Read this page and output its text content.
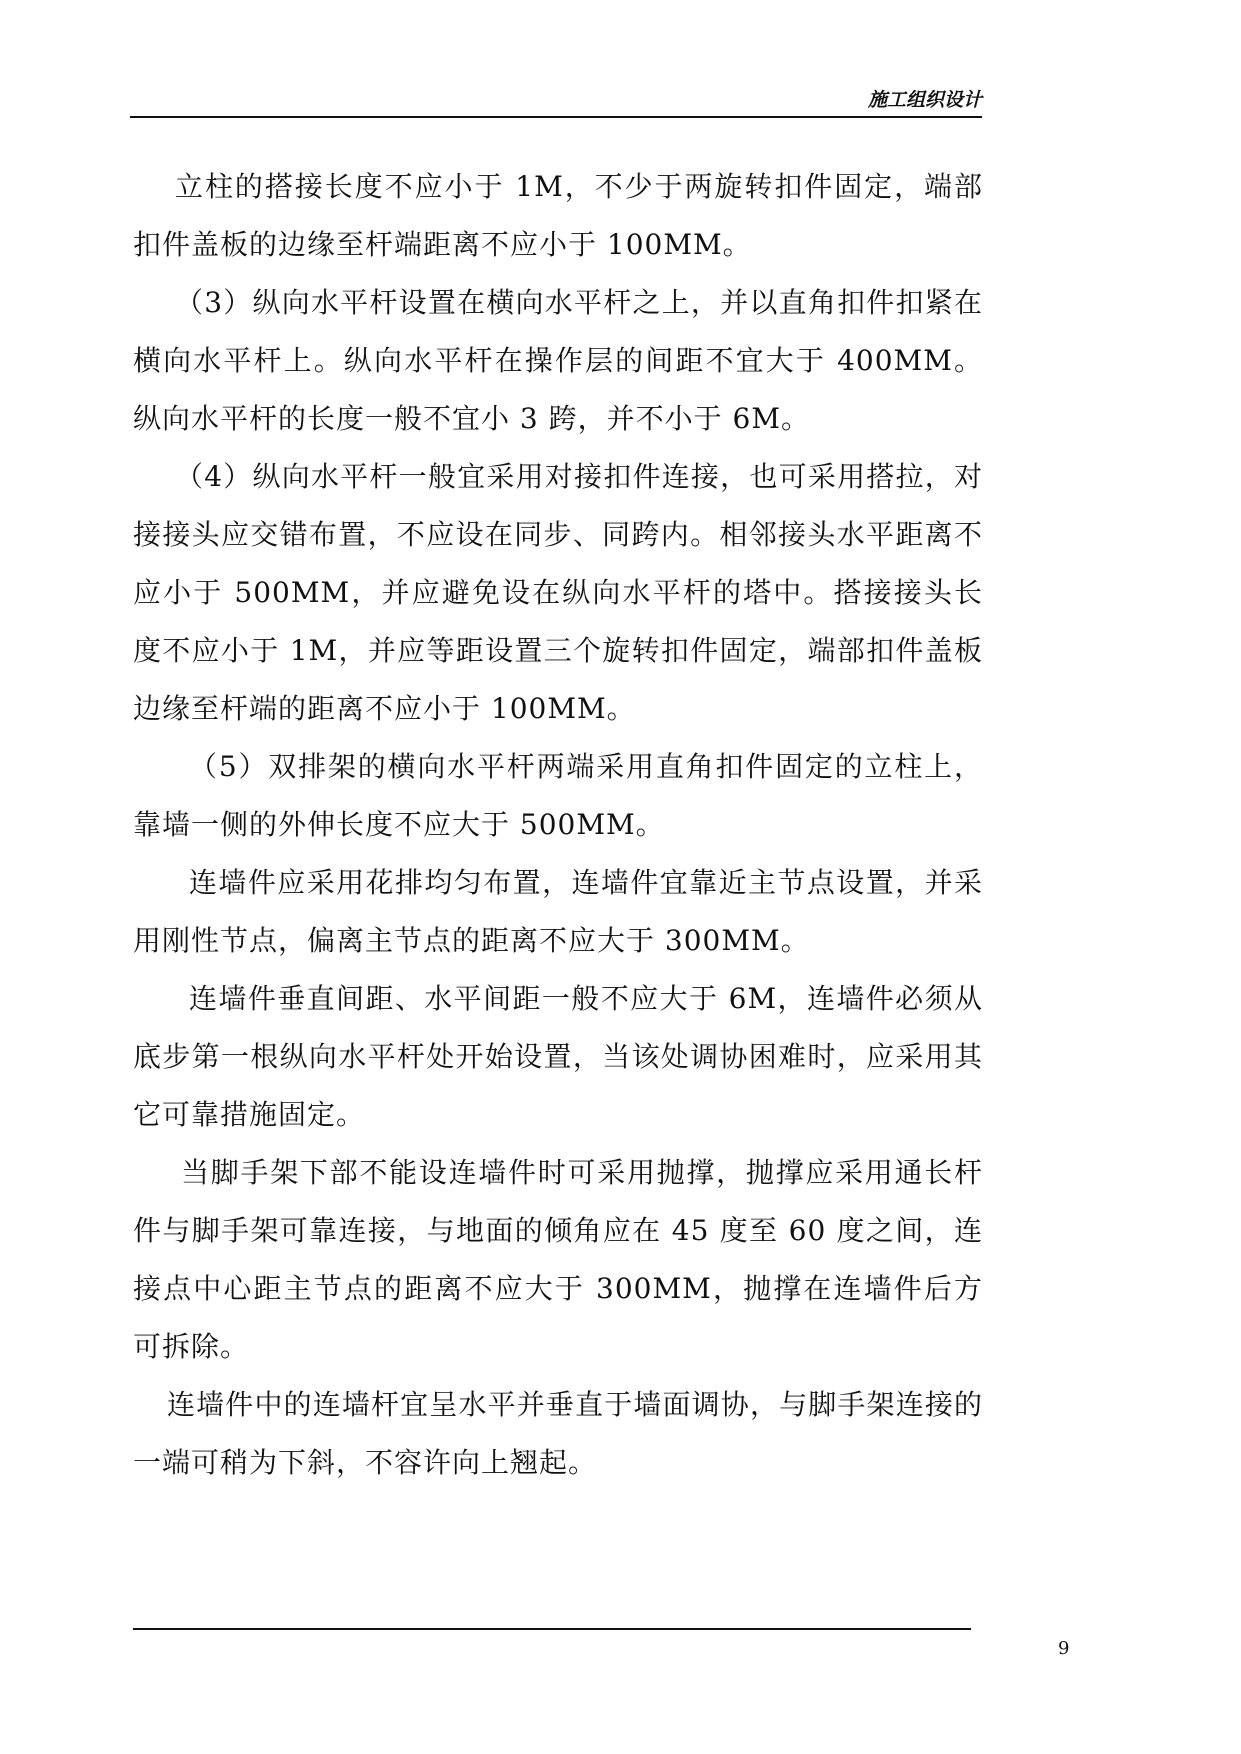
施工组织设计

立柱的搭接长度不应小于 1M，不少于两旋转扣件固定，端部扣件盖板的边缘至杆端距离不应小于 100MM。

（3）纵向水平杆设置在横向水平杆之上，并以直角扣件扣紧在横向水平杆上。纵向水平杆在操作层的间距不宜大于 400MM。纵向水平杆的长度一般不宜小 3 跨，并不小于 6M。

（4）纵向水平杆一般宜采用对接扣件连接，也可采用搭拉，对接接头应交错布置，不应设在同步、同跨内。相邻接头水平距离不应小于 500MM，并应避免设在纵向水平杆的塔中。搭接接头长度不应小于 1M，并应等距设置三个旋转扣件固定，端部扣件盖板边缘至杆端的距离不应小于 100MM。

（5）双排架的横向水平杆两端采用直角扣件固定的立柱上，靠墙一侧的外伸长度不应大于 500MM。

连墙件应采用花排均匀布置，连墙件宜靠近主节点设置，并采用刚性节点，偏离主节点的距离不应大于 300MM。

连墙件垂直间距、水平间距一般不应大于 6M，连墙件必须从底步第一根纵向水平杆处开始设置，当该处调协困难时，应采用其它可靠措施固定。

当脚手架下部不能设连墙件时可采用抛撑，抛撑应采用通长杆件与脚手架可靠连接，与地面的倾角应在 45 度至 60 度之间，连接点中心距主节点的距离不应大于 300MM，抛撑在连墙件后方可拆除。

连墙件中的连墙杆宜呈水平并垂直于墙面调协，与脚手架连接的一端可稍为下斜，不容许向上翘起。

9
